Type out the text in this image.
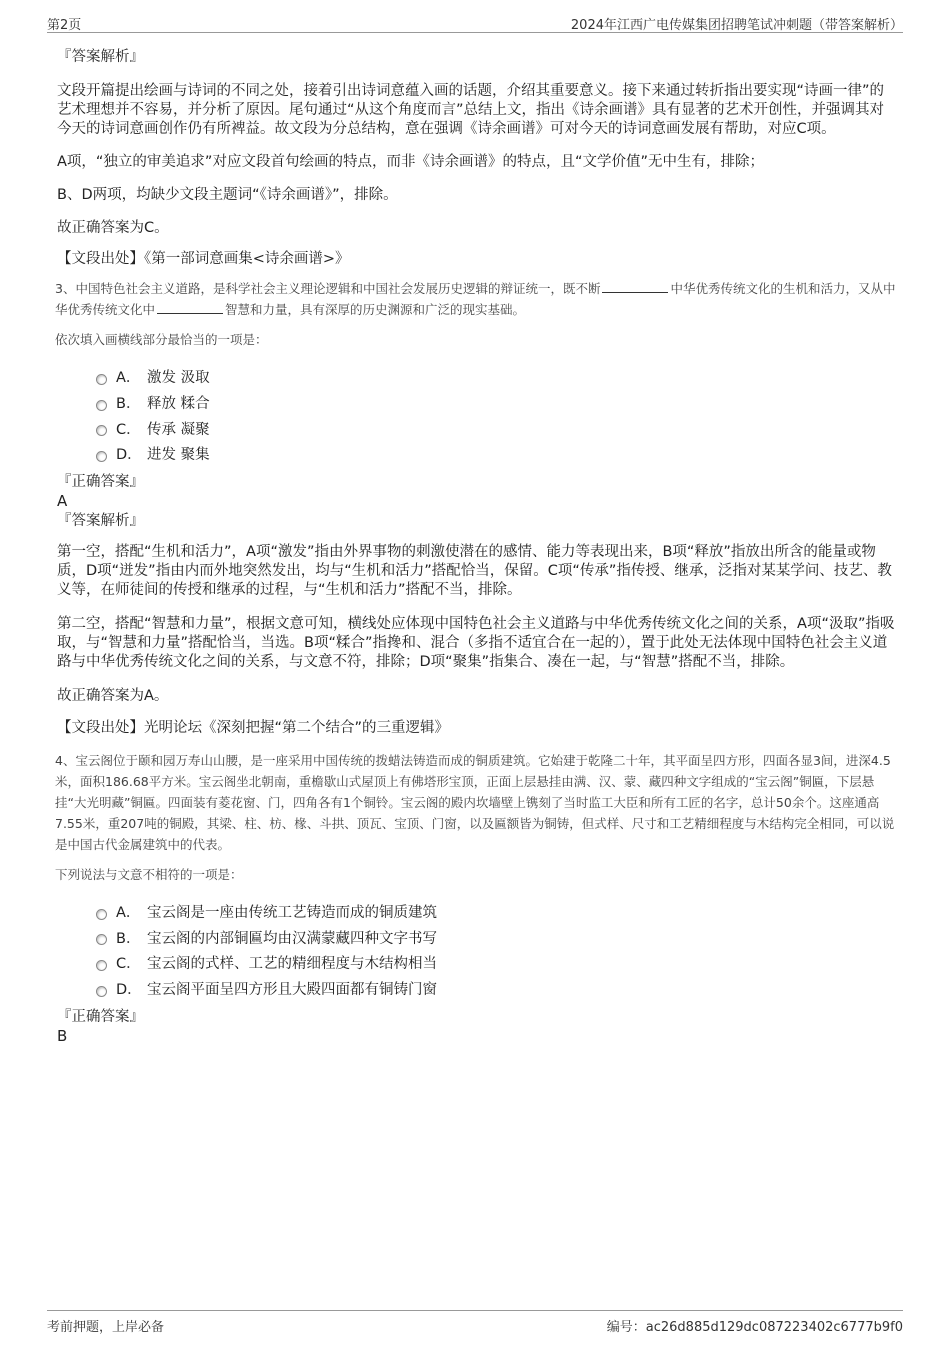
第2页	2024年江西广电传媒集团招聘笔试冲刺题（带答案解析）

『答案解析』

文段开篇提出绘画与诗词的不同之处，接着引出诗词意蕴入画的话题，介绍其重要意义。接下来通过转折指出要实现“诗画一律”的艺术理想并不容易，并分析了原因。尾句通过“从这个角度而言”总结上文，指出《诗余画谱》具有显著的艺术开创性，并强调其对今天的诗词意画创作仍有所裨益。故文段为分总结构，意在强调《诗余画谱》可对今天的诗词意画发展有帮助，对应C项。

A项，“独立的审美追求”对应文段首句绘画的特点，而非《诗余画谱》的特点，且“文学价值”无中生有，排除；

B、D两项，均缺少文段主题词“《诗余画谱》”，排除。

故正确答案为C。

【文段出处】《第一部词意画集<诗余画谱>》

3、中国特色社会主义道路，是科学社会主义理论逻辑和中国社会发展历史逻辑的辩证统一，既不断	中华优秀传统文化的生机和活力，又从中华优秀传统文化中	智慧和力量，具有深厚的历史渊源和广泛的现实基础。

依次填入画横线部分最恰当的一项是：

A． 激发 汲取
B． 释放 糅合
C． 传承 凝聚
D． 进发 聚集

『正确答案』

A

『答案解析』

第一空，搭配“生机和活力”，A项“激发”指由外界事物的刺激使潜在的感情、能力等表现出来，B项“释放”指放出所含的能量或物质，D项“迸发”指由内而外地突然发出，均与“生机和活力”搭配恰当，保留。C项“传承”指传授、继承，泛指对某某学问、技艺、教义等，在师徒间的传授和继承的过程，与“生机和活力”搭配不当，排除。

第二空，搭配“智慧和力量”，根据文意可知，横线处应体现中国特色社会主义道路与中华优秀传统文化之间的关系，A项“汲取”指吸取，与“智慧和力量”搭配恰当，当选。B项“糅合”指搀和、混合（多指不适宜合在一起的），置于此处无法体现中国特色社会主义道路与中华优秀传统文化之间的关系，与文意不符，排除；D项“聚集”指集合、凑在一起，与“智慧”搭配不当，排除。

故正确答案为A。

【文段出处】光明论坛《深刻把握“第二个结合”的三重逻辑》

4、宝云阁位于颐和园万寿山山腰，是一座采用中国传统的拨蜡法铸造而成的铜质建筑。它始建于乾隆二十年，其平面呈四方形，四面各显3间，进深4.5米，面积186.68平方米。宝云阁坐北朝南，重檐歇山式屋顶上有佛塔形宝顶，正面上层悬挂由满、汉、蒙、藏四种文字组成的“宝云阁”铜匾，下层悬挂“大光明藏”铜匾。四面装有菱花窗、门，四角各有1个铜铃。宝云阁的殿内坎墙壁上镌刻了当时监工大臣和所有工匠的名字，总计50余个。这座通高7.55米，重207吨的铜殿，其梁、柱、枋、椽、斗拱、顶瓦、宝顶、门窗，以及匾额皆为铜铸，但式样、尺寸和工艺精细程度与木结构完全相同，可以说是中国古代金属建筑中的代表。

下列说法与文意不相符的一项是：

A． 宝云阁是一座由传统工艺铸造而成的铜质建筑
B． 宝云阁的内部铜匾均由汉满蒙藏四种文字书写
C． 宝云阁的式样、工艺的精细程度与木结构相当
D． 宝云阁平面呈四方形且大殿四面都有铜铸门窗

『正确答案』

B

考前押题，上岸必备	编号：ac26d885d129dc087223402c6777b9f0
